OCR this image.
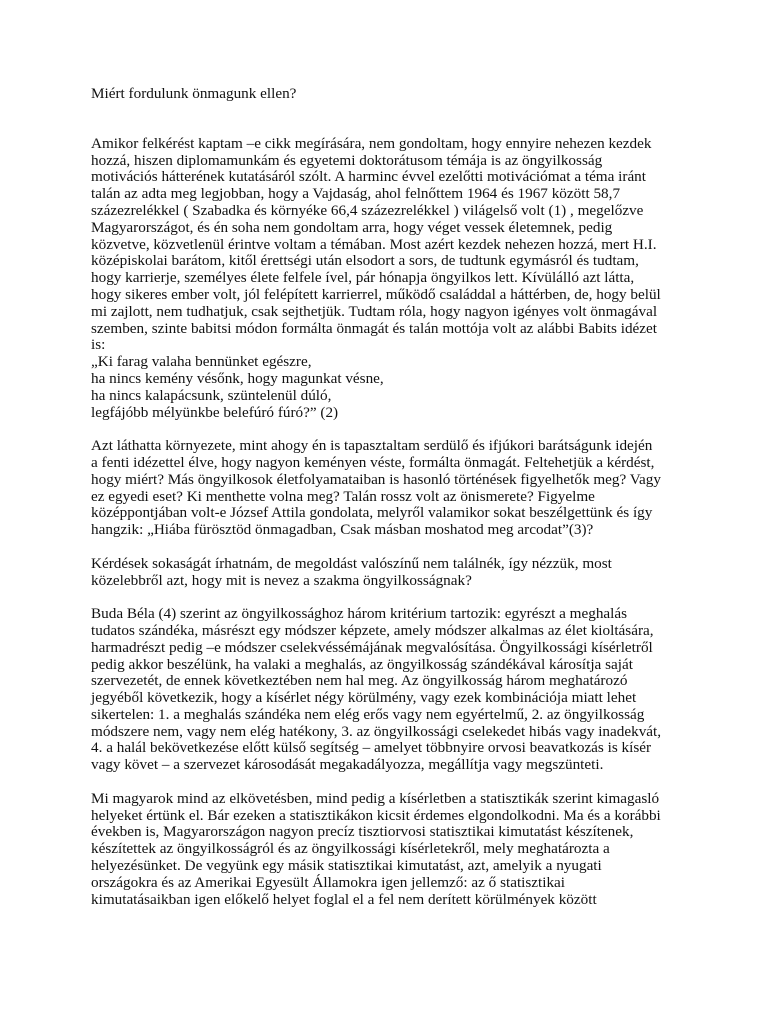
Miért fordulunk önmagunk ellen?

Amikor felkérést kaptam –e cikk megírására, nem gondoltam, hogy ennyire nehezen kezdek
hozzá, hiszen diplomamunkám és egyetemi doktorátusom témája is az öngyilkosság
motivációs hátterének kutatásáról szólt. A harminc évvel ezelőtti motivációmat a téma iránt
talán az adta meg legjobban, hogy a Vajdaság, ahol felnőttem 1964 és 1967 között 58,7
százezrelékkel ( Szabadka és környéke 66,4 százezrelékkel ) világelső volt (1) , megelőzve
Magyarországot, és én soha nem gondoltam arra, hogy véget vessek életemnek, pedig
közvetve, közvetlenül érintve voltam a témában. Most azért kezdek nehezen hozzá, mert H.I.
középiskolai barátom, kitől érettségi után elsodort a sors, de tudtunk egymásról és tudtam,
hogy karrierje, személyes élete felfele ível, pár hónapja öngyilkos lett. Kívülálló azt látta,
hogy sikeres ember volt, jól felépített karrierrel, működő családdal a háttérben, de, hogy belül
mi zajlott, nem tudhatjuk, csak sejthetjük. Tudtam róla, hogy nagyon igényes volt önmagával
szemben, szinte babitsi módon formálta önmagát és talán mottója volt az alábbi Babits idézet
is:
„Ki farag valaha bennünket egészre,
ha nincs kemény vésőnk, hogy magunkat vésne,
ha nincs kalapácsunk, szüntelenül dúló,
legfájóbb mélyünkbe belefúró fúró?” (2)

Azt láthatta környezete, mint ahogy én is tapasztaltam serdülő és ifjúkori barátságunk idején
a fenti idézettel élve, hogy nagyon keményen véste, formálta önmagát. Feltehetjük a kérdést,
hogy miért? Más öngyilkosok életfolyamataiban is hasonló történések figyelhetők meg? Vagy
ez egyedi eset? Ki menthette volna meg? Talán rossz volt az önismerete? Figyelme
középpontjában volt-e József Attila gondolata, melyről valamikor sokat beszélgettünk és így
hangzik: „Hiába fürösztöd önmagadban, Csak másban moshatod meg arcodat”(3)?

Kérdések sokaságát írhatnám, de megoldást valószínű nem találnék, így nézzük, most
közelebbről azt, hogy mit is nevez a szakma öngyilkosságnak?

Buda Béla (4) szerint az öngyilkossághoz három kritérium tartozik: egyrészt a meghalás
tudatos szándéka, másrészt egy módszer képzete, amely módszer alkalmas az élet kioltására,
harmadrészt pedig –e módszer cselekvéssémájának megvalósítása. Öngyilkossági kísérletről
pedig akkor beszélünk, ha valaki a meghalás, az öngyilkosság szándékával károsítja saját
szervezetét, de ennek következtében nem hal meg. Az öngyilkosság három meghatározó
jegyéből következik, hogy a kísérlet négy körülmény, vagy ezek kombinációja miatt lehet
sikertelen: 1. a meghalás szándéka nem elég erős vagy nem egyértelmű, 2. az öngyilkosság
módszere nem, vagy nem elég hatékony, 3. az öngyilkossági cselekedet hibás vagy inadekvát,
4. a halál bekövetkezése előtt külső segítség – amelyet többnyire orvosi beavatkozás is kísér
vagy követ – a szervezet károsodását megakadályozza, megállítja vagy megszünteti.

Mi magyarok mind az elkövetésben, mind pedig a kísérletben a statisztikák szerint kimagasló
helyeket értünk el. Bár ezeken a statisztikákon kicsit érdemes elgondolkodni. Ma és a korábbi
években is, Magyarországon nagyon precíz tisztiorvosi statisztikai kimutatást készítenek,
készítettek az öngyilkosságról és az öngyilkossági kísérletekről, mely meghatározta a
helyezésünket. De vegyünk egy másik statisztikai kimutatást, azt, amelyik a nyugati
országokra és az Amerikai Egyesült Államokra igen jellemző: az ő statisztikai
kimutatásaikban igen előkelő helyet foglal el a fel nem derített körülmények között
